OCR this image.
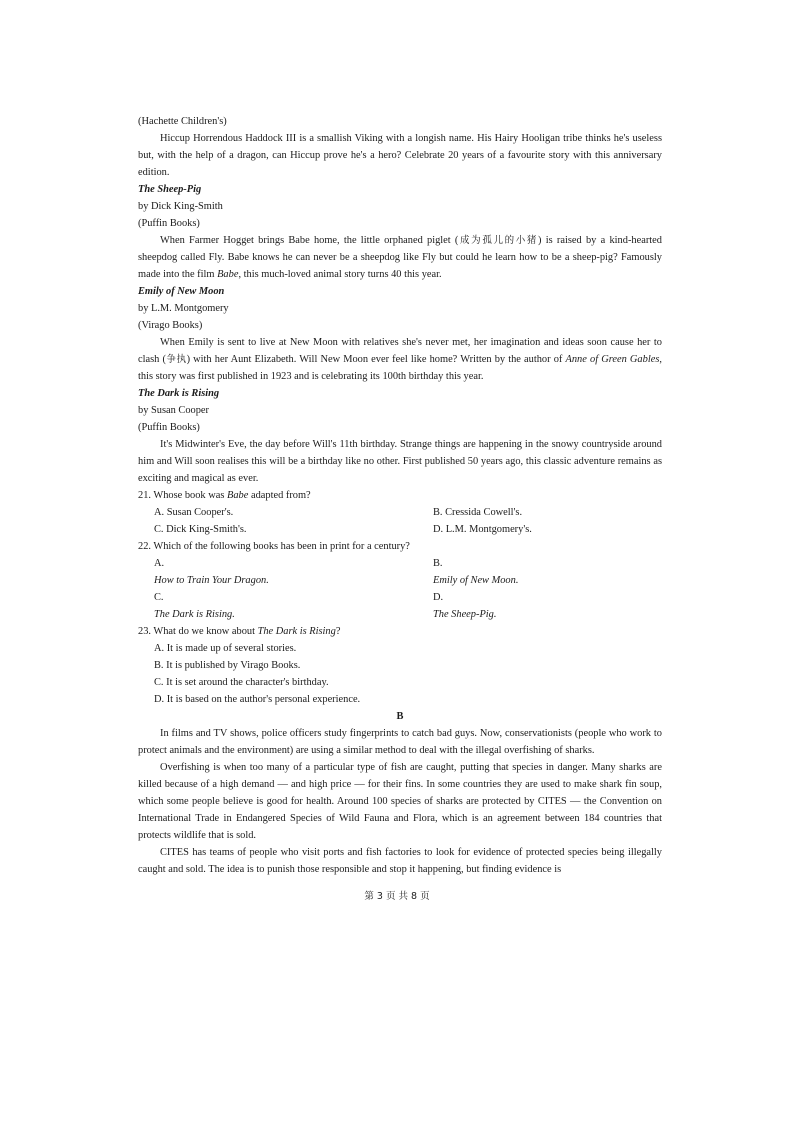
(Hachette Children's)

Hiccup Horrendous Haddock III is a smallish Viking with a longish name. His Hairy Hooligan tribe thinks he's useless but, with the help of a dragon, can Hiccup prove he's a hero? Celebrate 20 years of a favourite story with this anniversary edition.

The Sheep-Pig

by Dick King-Smith

(Puffin Books)

When Farmer Hogget brings Babe home, the little orphaned piglet (成为孤儿的小猪) is raised by a kind-hearted sheepdog called Fly. Babe knows he can never be a sheepdog like Fly but could he learn how to be a sheep-pig? Famously made into the film Babe, this much-loved animal story turns 40 this year.

Emily of New Moon

by L.M. Montgomery

(Virago Books)

When Emily is sent to live at New Moon with relatives she's never met, her imagination and ideas soon cause her to clash (争执) with her Aunt Elizabeth. Will New Moon ever feel like home? Written by the author of Anne of Green Gables, this story was first published in 1923 and is celebrating its 100th birthday this year.

The Dark is Rising

by Susan Cooper

(Puffin Books)

It's Midwinter's Eve, the day before Will's 11th birthday. Strange things are happening in the snowy countryside around him and Will soon realises this will be a birthday like no other. First published 50 years ago, this classic adventure remains as exciting and magical as ever.

21. Whose book was Babe adapted from?

A. Susan Cooper's.	B. Cressida Cowell's.
C. Dick King-Smith's.	D. L.M. Montgomery's.

22. Which of the following books has been in print for a century?

A.
How to Train Your Dragon.
B.
Emily of New Moon.
C.
The Dark is Rising.
D.
The Sheep-Pig.

23. What do we know about The Dark is Rising?

A. It is made up of several stories.

B. It is published by Virago Books.

C. It is set around the character's birthday.

D. It is based on the author's personal experience.

B

In films and TV shows, police officers study fingerprints to catch bad guys. Now, conservationists (people who work to protect animals and the environment) are using a similar method to deal with the illegal overfishing of sharks.

Overfishing is when too many of a particular type of fish are caught, putting that species in danger. Many sharks are killed because of a high demand — and high price — for their fins. In some countries they are used to make shark fin soup, which some people believe is good for health. Around 100 species of sharks are protected by CITES — the Convention on International Trade in Endangered Species of Wild Fauna and Flora, which is an agreement between 184 countries that protects wildlife that is sold.

CITES has teams of people who visit ports and fish factories to look for evidence of protected species being illegally caught and sold. The idea is to punish those responsible and stop it happening, but finding evidence is

第 3 页 共 8 页
